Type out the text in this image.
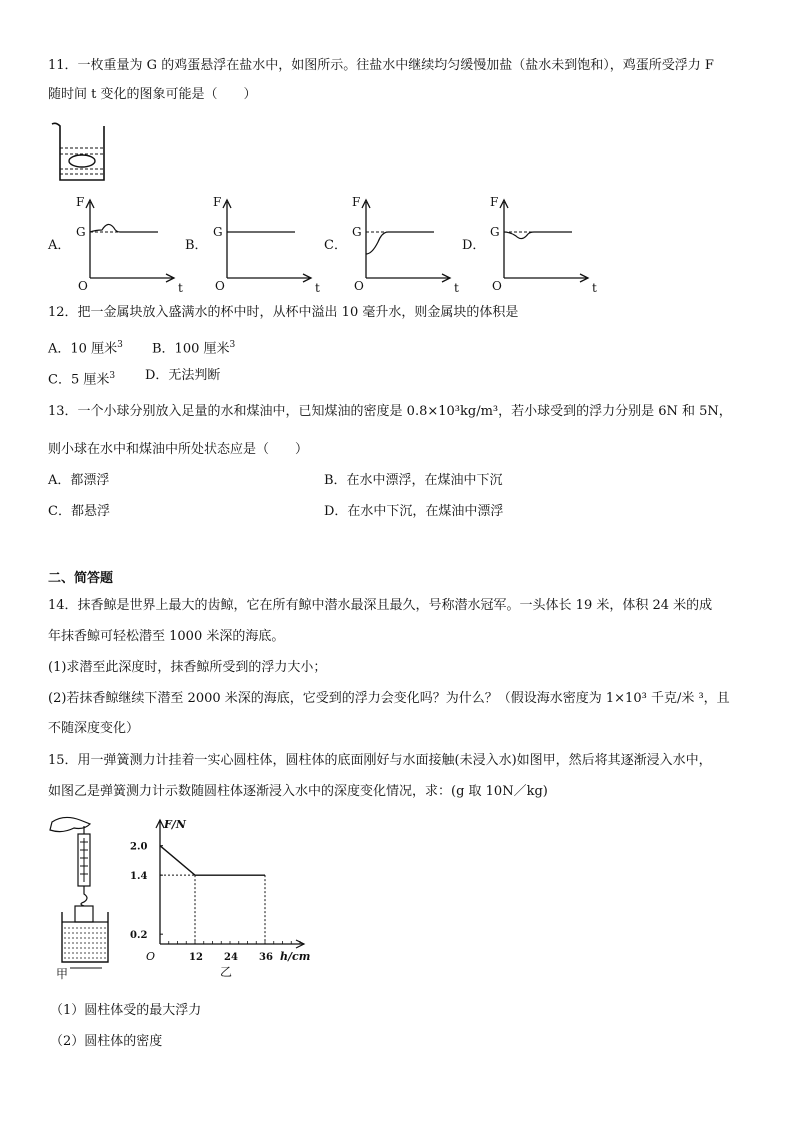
11．一枚重量为 G 的鸡蛋悬浮在盐水中，如图所示。往盐水中继续均匀缓慢加盐（盐水未到饱和），鸡蛋所受浮力 F
随时间 t 变化的图象可能是（　　）
A．
F
t
O
G
B．
F
t
O
G
C．
F
t
O
G
D．
F
t
O
G
12．把一金属块放入盛满水的杯中时，从杯中溢出 10 毫升水，则金属块的体积是
A．10 厘米$^3$ B．100 厘米$^3$
C．5 厘米$^3$ D．无法判断
13．一个小球分别放入足量的水和煤油中，已知煤油的密度是 0.8×10³kg/m³，若小球受到的浮力分别是 6N 和 5N，
则小球在水中和煤油中所处状态应是（　　）
A．都漂浮	B．在水中漂浮，在煤油中下沉
C．都悬浮	D．在水中下沉，在煤油中漂浮
二、简答题
14．抹香鲸是世界上最大的齿鲸，它在所有鲸中潜水最深且最久，号称潜水冠军。一头体长 19 米，体积 24 米的成
年抹香鲸可轻松潜至 1000 米深的海底。
(1)求潜至此深度时，抹香鲸所受到的浮力大小；
(2)若抹香鲸继续下潜至 2000 米深的海底，它受到的浮力会变化吗？为什么？（假设海水密度为 1×10³ 千克/米 ³，且
不随深度变化）
15．用一弹簧测力计挂着一实心圆柱体，圆柱体的底面刚好与水面接触(未浸入水)如图甲，然后将其逐渐浸入水中，
如图乙是弹簧测力计示数随圆柱体逐渐浸入水中的深度变化情况，求：(g 取 10N／kg)
甲
F/N
h/cm
O
2.0
1.4
0.2
12 24 36
乙
（1）圆柱体受的最大浮力
（2）圆柱体的密度
